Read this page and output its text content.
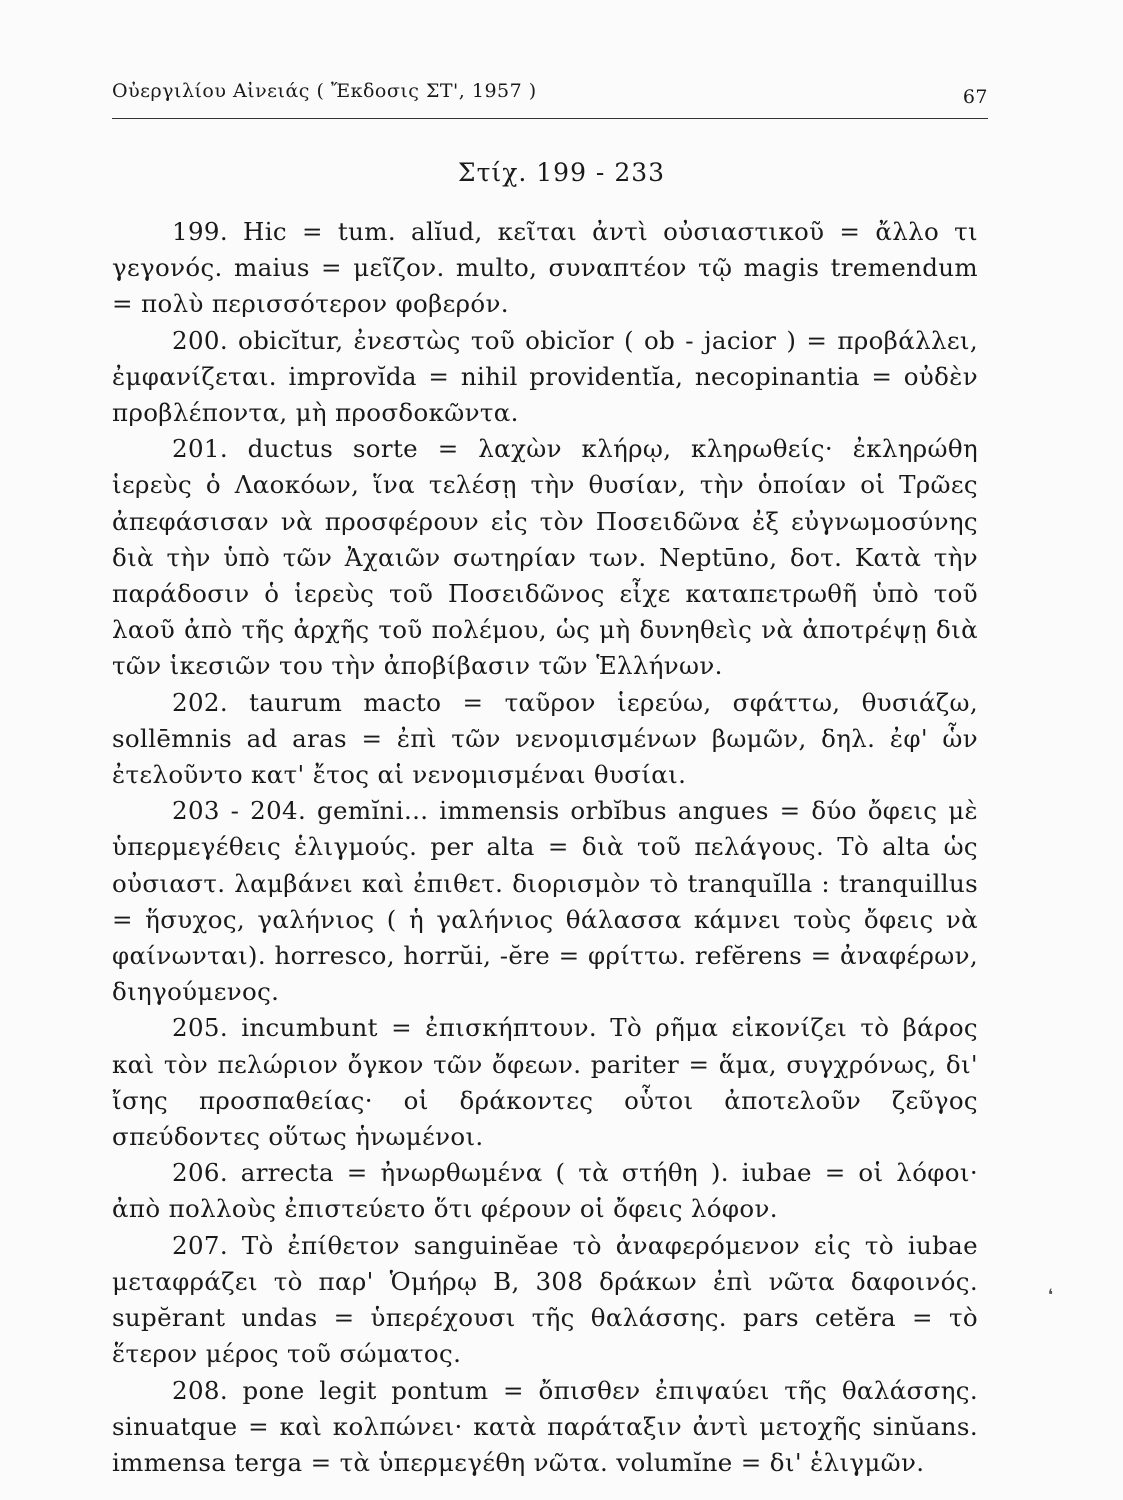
Οὐεργιλίου Αἰνειάς ( Ἔκδοσις ΣΤ', 1957 )	67
Στίχ. 199 - 233

199. Hic = tum. alĭud, κεῖται ἀντὶ οὐσιαστικοῦ = ἄλλο τι γεγονός. maius = μεῖζον. multo, συναπτέον τῷ magis tremendum = πολὺ περισσότερον φοβερόν.

200. obicĭtur, ἐνεστὼς τοῦ obicĭor ( ob - jacior ) = προβάλλει, ἐμφανίζεται. improvĭda = nihil providentĭa, necopinantia = οὐδὲν προβλέποντα, μὴ προσδοκῶντα.

201. ductus sorte = λαχὼν κλήρῳ, κληρωθείς· ἐκληρώθη ἱερεὺς ὁ Λαοκόων, ἵνα τελέσῃ τὴν θυσίαν, τὴν ὁποίαν οἱ Τρῶες ἀπεφάσισαν νὰ προσφέρουν εἰς τὸν Ποσειδῶνα ἐξ εὐγνωμοσύνης διὰ τὴν ὑπὸ τῶν Ἀχαιῶν σωτηρίαν των. Neptūno, δοτ. Κατὰ τὴν παράδοσιν ὁ ἱερεὺς τοῦ Ποσειδῶνος εἶχε καταπετρωθῆ ὑπὸ τοῦ λαοῦ ἀπὸ τῆς ἀρχῆς τοῦ πολέμου, ὡς μὴ δυνηθεὶς νὰ ἀποτρέψῃ διὰ τῶν ἱκεσιῶν του τὴν ἀποβίβασιν τῶν Ἑλλήνων.

202. taurum macto = ταῦρον ἱερεύω, σφάττω, θυσιάζω, sollēmnis ad aras = ἐπὶ τῶν νενομισμένων βωμῶν, δηλ. ἐφ' ὧν ἐτελοῦντο κατ' ἔτος αἱ νενομισμέναι θυσίαι.

203 - 204. gemĭni... immensis orbĭbus angues = δύο ὄφεις μὲ ὑπερμεγέθεις ἑλιγμούς. per alta = διὰ τοῦ πελάγους. Τὸ alta ὡς οὐσιαστ. λαμβάνει καὶ ἐπιθετ. διορισμὸν τὸ tranquĭlla : tranquillus = ἥσυχος, γαλήνιος ( ἡ γαλήνιος θάλασσα κάμνει τοὺς ὄφεις νὰ φαίνωνται). horresco, horrŭi, -ĕre = φρίττω. refĕrens = ἀναφέρων, διηγούμενος.

205. incumbunt = ἐπισκήπτουν. Τὸ ρῆμα εἰκονίζει τὸ βάρος καὶ τὸν πελώριον ὄγκον τῶν ὄφεων. pariter = ἅμα, συγχρόνως, δι' ἴσης προσπαθείας· οἱ δράκοντες οὗτοι ἀποτελοῦν ζεῦγος σπεύδοντες οὕτως ἡνωμένοι.

206. arrecta = ἠνωρθωμένα ( τὰ στήθη ). iubae = οἱ λόφοι· ἀπὸ πολλοὺς ἐπιστεύετο ὅτι φέρουν οἱ ὄφεις λόφον.

207. Τὸ ἐπίθετον sanguinĕae τὸ ἀναφερόμενον εἰς τὸ iubae μεταφράζει τὸ παρ' Ὁμήρῳ Β, 308 δράκων ἐπὶ νῶτα δαφοινός. supĕrant undas = ὑπερέχουσι τῆς θαλάσσης. pars cetĕra = τὸ ἕτερον μέρος τοῦ σώματος.

208. pone legit pontum = ὄπισθεν ἐπιψαύει τῆς θαλάσσης. sinuatque = καὶ κολπώνει· κατὰ παράταξιν ἀντὶ μετοχῆς sinŭans. immensa terga = τὰ ὑπερμεγέθη νῶτα. volumĭne = δι' ἑλιγμῶν.

❛
